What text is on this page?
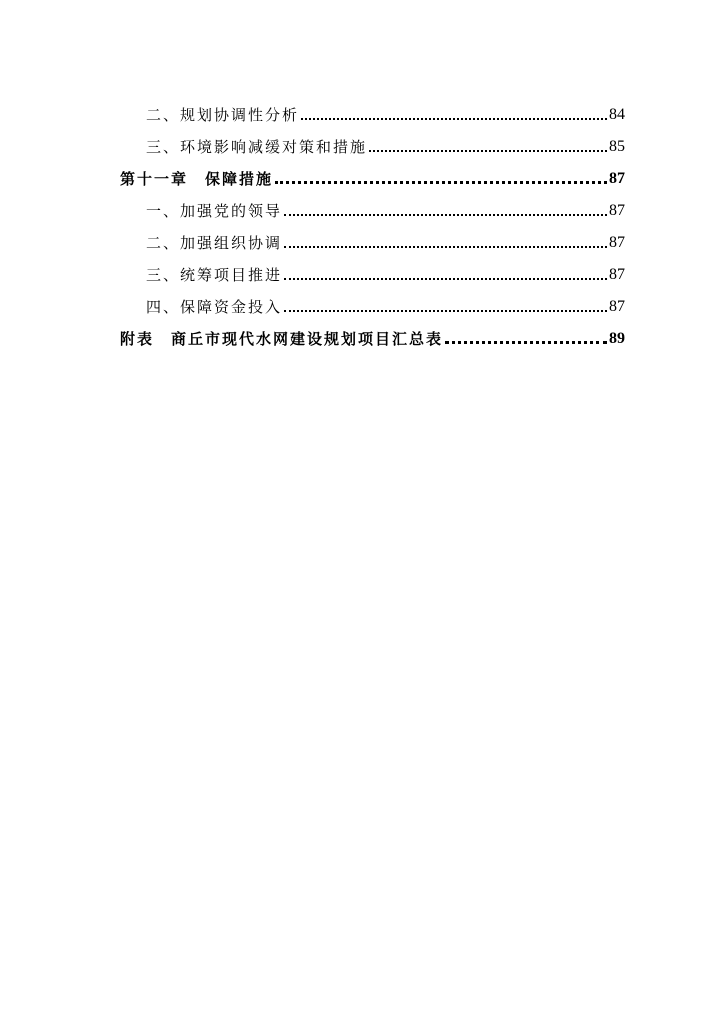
二、规划协调性分析	84
三、环境影响减缓对策和措施	85
第十一章　保障措施	87
一、加强党的领导	87
二、加强组织协调	87
三、统筹项目推进	87
四、保障资金投入	87
附表　商丘市现代水网建设规划项目汇总表	89
